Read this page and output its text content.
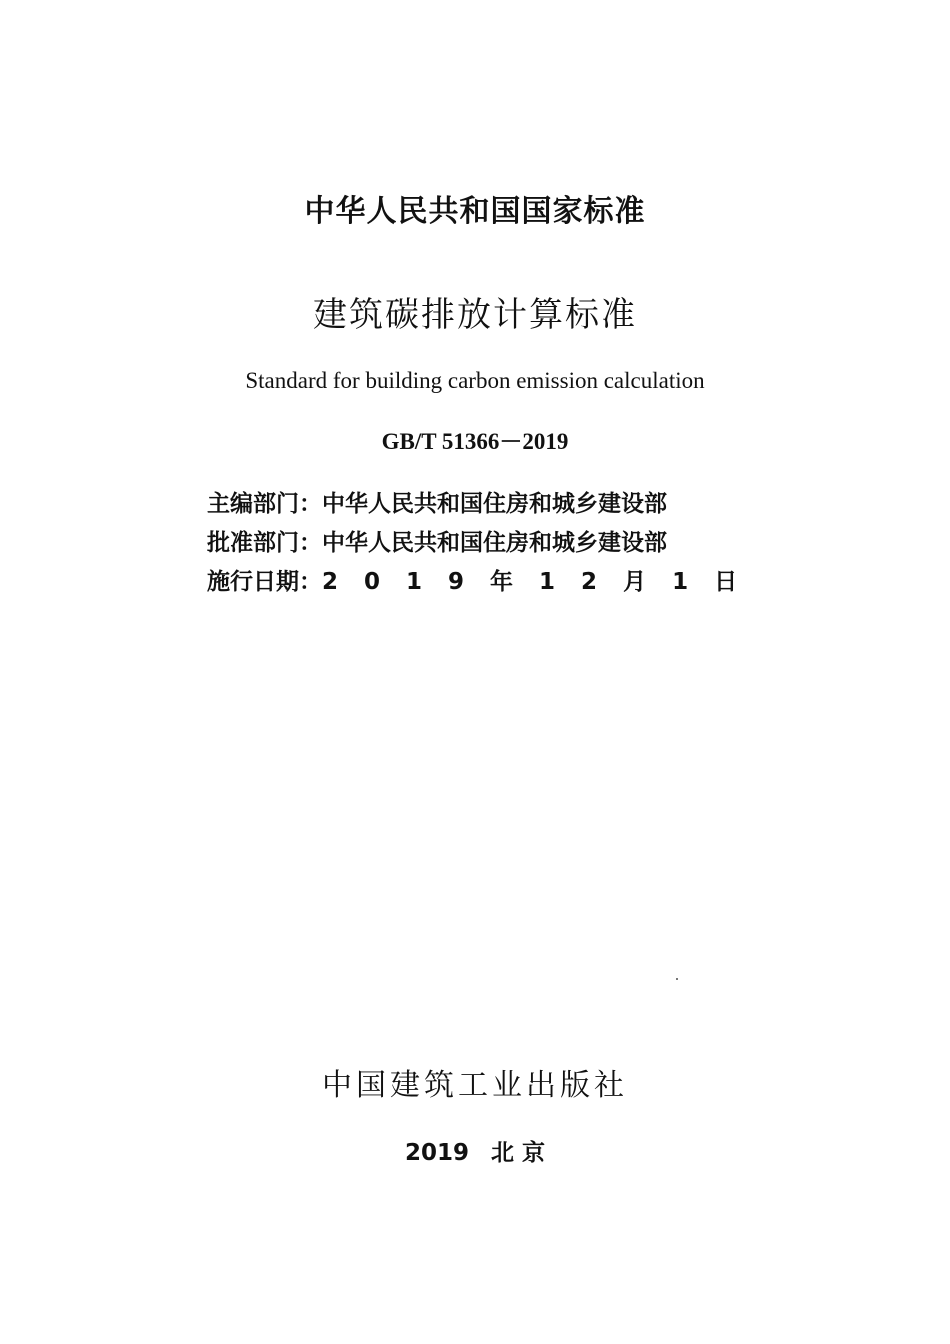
中华人民共和国国家标准
建筑碳排放计算标准
Standard for building carbon emission calculation
GB/T 51366－2019
主编部门：中华人民共和国住房和城乡建设部
批准部门：中华人民共和国住房和城乡建设部
施行日期：2 0 1 9 年 1 2 月 1 日
中国建筑工业出版社
2019 北 京
